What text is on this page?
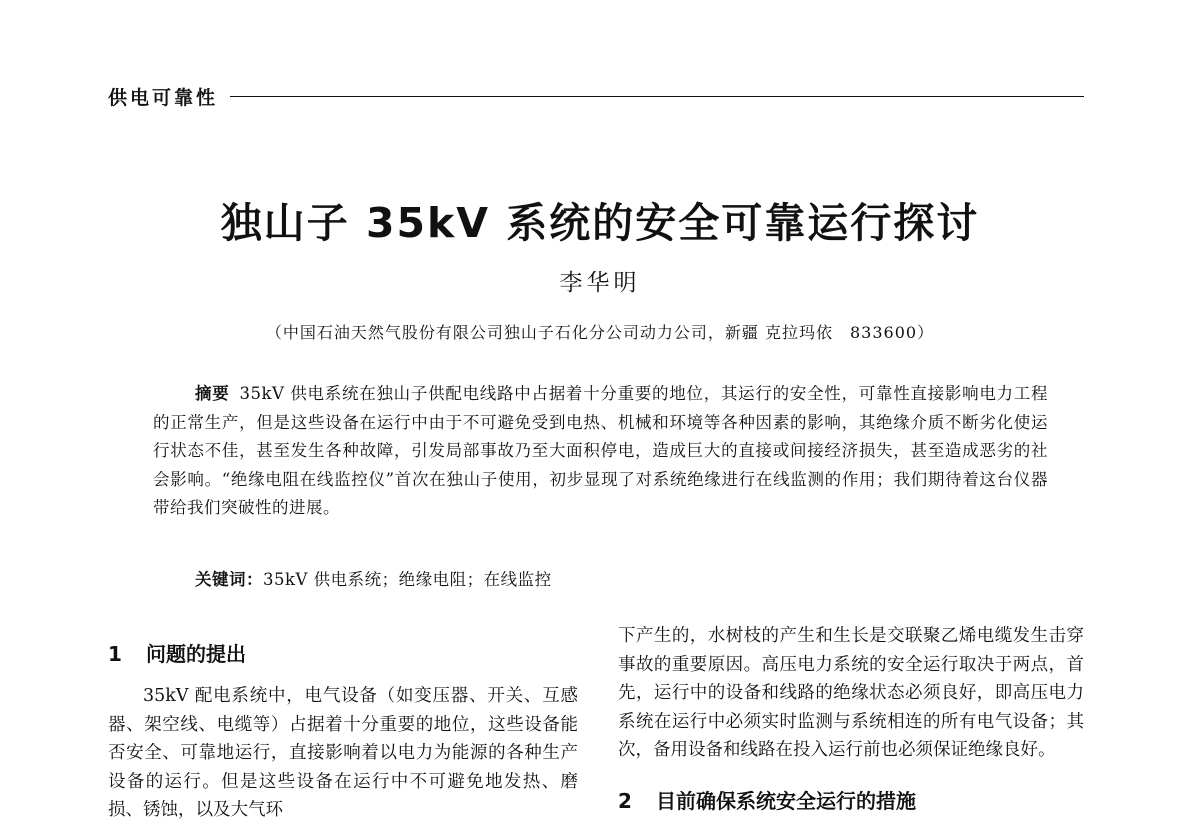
供电可靠性
独山子 35kV 系统的安全可靠运行探讨
李华明
（中国石油天然气股份有限公司独山子石化分公司动力公司，新疆 克拉玛依　833600）
摘要 35kV 供电系统在独山子供配电线路中占据着十分重要的地位，其运行的安全性，可靠性直接影响电力工程的正常生产，但是这些设备在运行中由于不可避免受到电热、机械和环境等各种因素的影响，其绝缘介质不断劣化使运行状态不佳，甚至发生各种故障，引发局部事故乃至大面积停电，造成巨大的直接或间接经济损失，甚至造成恶劣的社会影响。“绝缘电阻在线监控仪”首次在独山子使用，初步显现了对系统绝缘进行在线监测的作用；我们期待着这台仪器带给我们突破性的进展。
关键词：35kV 供电系统；绝缘电阻；在线监控
1 问题的提出

35kV 配电系统中，电气设备（如变压器、开关、互感器、架空线、电缆等）占据着十分重要的地位，这些设备能否安全、可靠地运行，直接影响着以电力为能源的各种生产设备的运行。但是这些设备在运行中不可避免地发热、磨损、锈蚀，以及大气环

下产生的，水树枝的产生和生长是交联聚乙烯电缆发生击穿事故的重要原因。高压电力系统的安全运行取决于两点，首先，运行中的设备和线路的绝缘状态必须良好，即高压电力系统在运行中必须实时监测与系统相连的所有电气设备；其次，备用设备和线路在投入运行前也必须保证绝缘良好。

2 目前确保系统安全运行的措施
